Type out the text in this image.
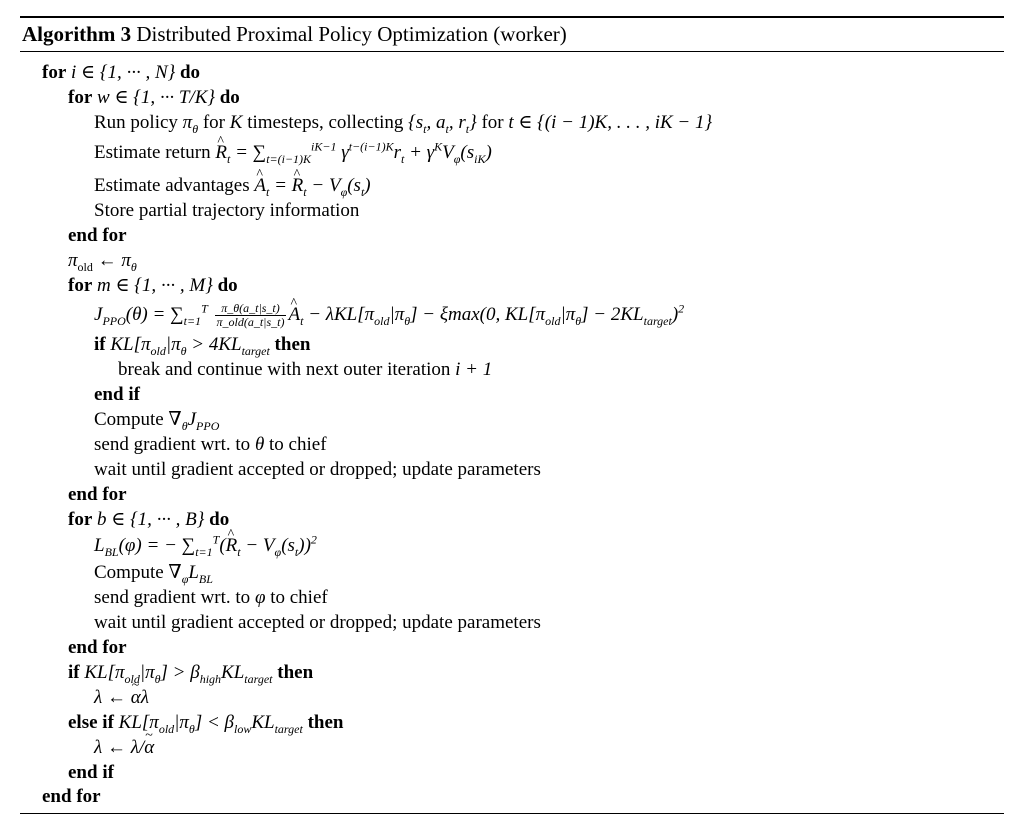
Algorithm 3 Distributed Proximal Policy Optimization (worker)
for i ∈ {1, ··· , N} do
for w ∈ {1, ··· T/K} do
Run policy $\pi_\theta$ for K timesteps, collecting {$s_t$, $a_t$, $r_t$} for t ∈ {(i − 1)K, . . . , iK − 1}
Estimate return ^ $R_t = \sum_{t=(i-1)K}^{iK-1}$ $\gamma^{t-(i-1)K}r_t + \gamma^KV_\varphi(s_{iK})$
Estimate advantages ^ $A_t$ = ^ $R_t - V_\varphi(s_t)$
Store partial trajectory information
end for
$\pi_{old}$ ← $\pi_\theta$
for m ∈ {1, ··· , M} do
$J_{PPO}(\theta) = \sum_{t=1}^T \frac{\pi\_\theta(a\_t|s\_t)}{\text{π\_old(a\_t|s\_t)}}$ ^ $A_t - \lambda KL[\pi_{old}|\pi_\theta] - \xi\max(0$, $KL[\pi_{old}|\pi_\theta] - 2KL_{target})^2$
if $KL[\pi_{old}|\pi_\theta > 4KL_{target}$ then
break and continue with next outer iteration i + 1
end if
Compute $\nabla_\theta J_{PPO}$
send gradient wrt. to θ to chief
wait until gradient accepted or dropped; update parameters
end for
for b ∈ {1, ··· , B} do
$L_{BL}(\varphi)$ = − $\sum_{t=1}^T(\^{}$ $R_t - V_\varphi(s_t))^2$
Compute $\nabla_\varphi L_{BL}$
send gradient wrt. to φ to chief
wait until gradient accepted or dropped; update parameters
end for
if $KL[\pi_{old}|\pi_\theta] > \beta_{high}KL_{target}$ then
λ ← ~ αλ
else if $KL[\pi_{old}|\pi_\theta] < \beta_{low}KL_{target}$ then
λ ← λ/~ α
end if
end for
